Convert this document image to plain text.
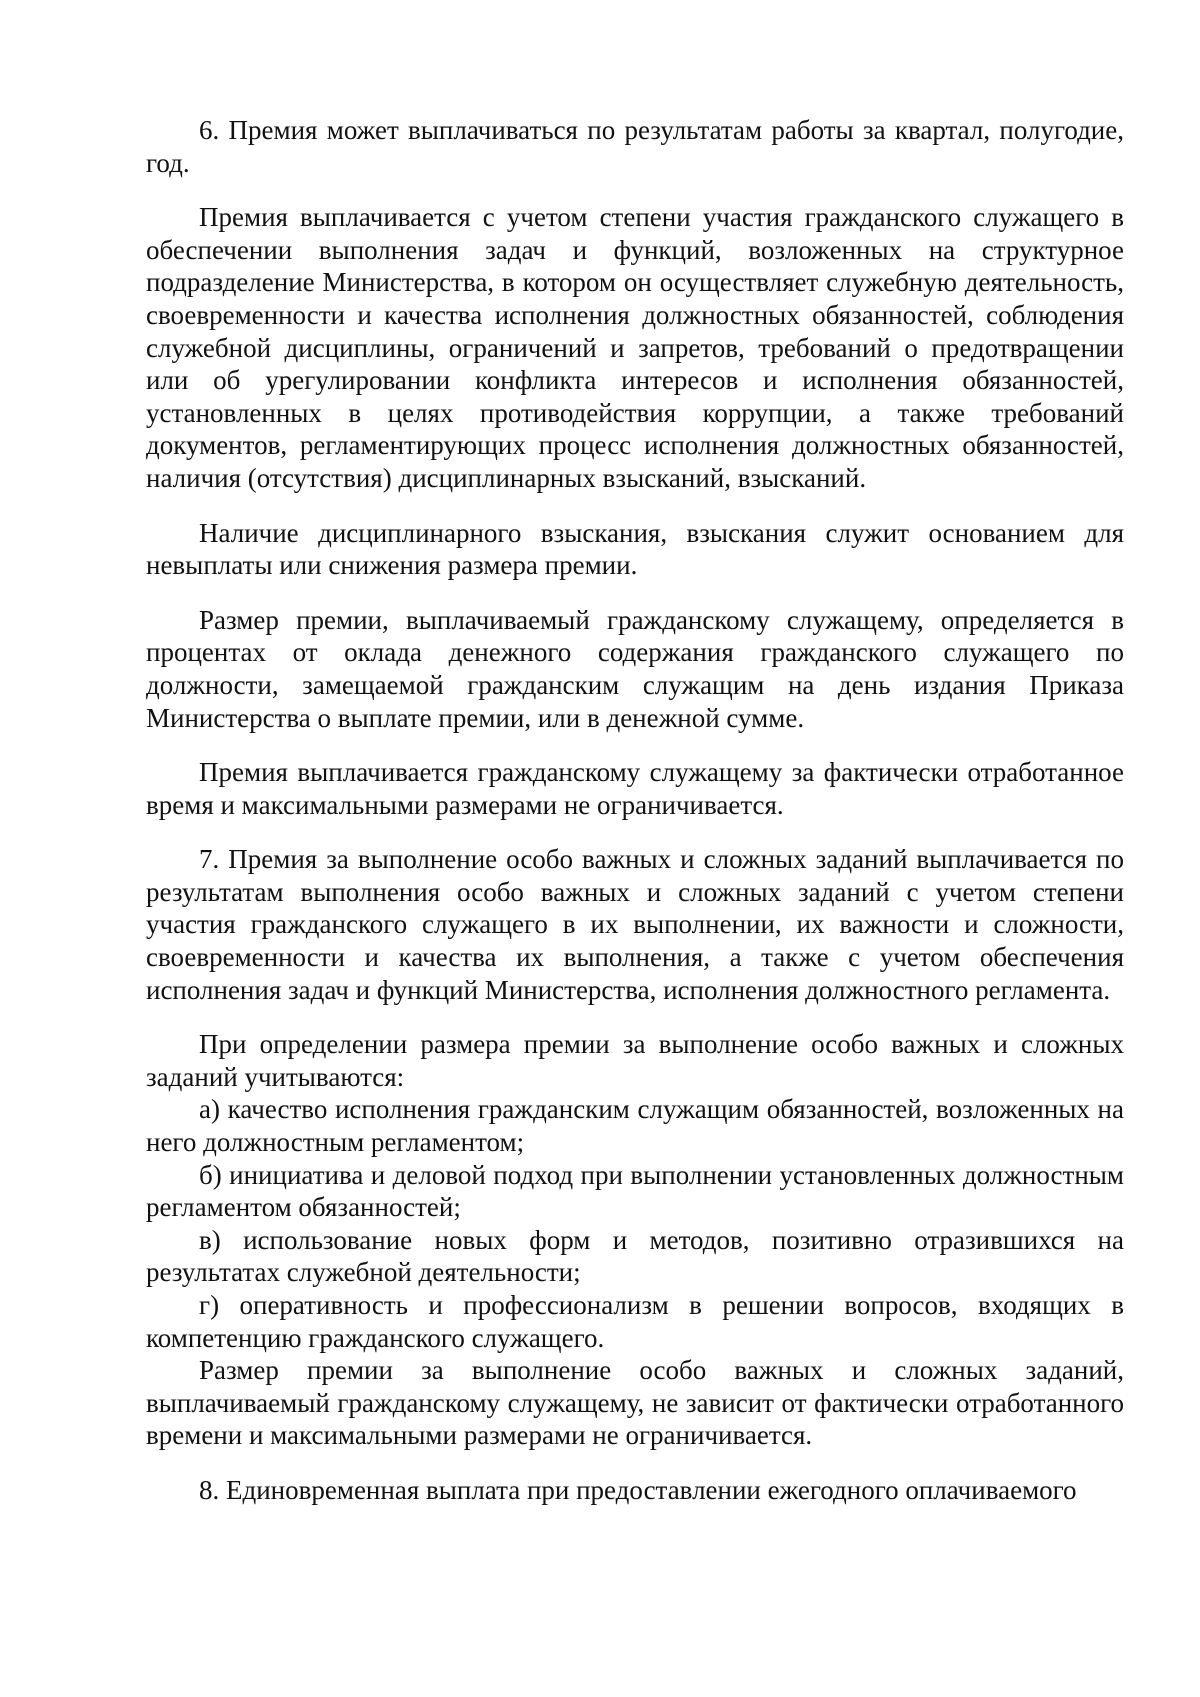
6. Премия может выплачиваться по результатам работы за квартал, полугодие, год.

Премия выплачивается с учетом степени участия гражданского служащего в обеспечении выполнения задач и функций, возложенных на структурное подразделение Министерства, в котором он осуществляет служебную деятельность, своевременности и качества исполнения должностных обязанностей, соблюдения служебной дисциплины, ограничений и запретов, требований о предотвращении или об урегулировании конфликта интересов и исполнения обязанностей, установленных в целях противодействия коррупции, а также требований документов, регламентирующих процесс исполнения должностных обязанностей, наличия (отсутствия) дисциплинарных взысканий, взысканий.

Наличие дисциплинарного взыскания, взыскания служит основанием для невыплаты или снижения размера премии.

Размер премии, выплачиваемый гражданскому служащему, определяется в процентах от оклада денежного содержания гражданского служащего по должности, замещаемой гражданским служащим на день издания Приказа Министерства о выплате премии, или в денежной сумме.

Премия выплачивается гражданскому служащему за фактически отработанное время и максимальными размерами не ограничивается.

7. Премия за выполнение особо важных и сложных заданий выплачивается по результатам выполнения особо важных и сложных заданий с учетом степени участия гражданского служащего в их выполнении, их важности и сложности, своевременности и качества их выполнения, а также с учетом обеспечения исполнения задач и функций Министерства, исполнения должностного регламента.

При определении размера премии за выполнение особо важных и сложных заданий учитываются:

а) качество исполнения гражданским служащим обязанностей, возложенных на него должностным регламентом;

б) инициатива и деловой подход при выполнении установленных должностным регламентом обязанностей;

в) использование новых форм и методов, позитивно отразившихся на результатах служебной деятельности;

г) оперативность и профессионализм в решении вопросов, входящих в компетенцию гражданского служащего.

Размер премии за выполнение особо важных и сложных заданий, выплачиваемый гражданскому служащему, не зависит от фактически отработанного времени и максимальными размерами не ограничивается.

8. Единовременная выплата при предоставлении ежегодного оплачиваемого
